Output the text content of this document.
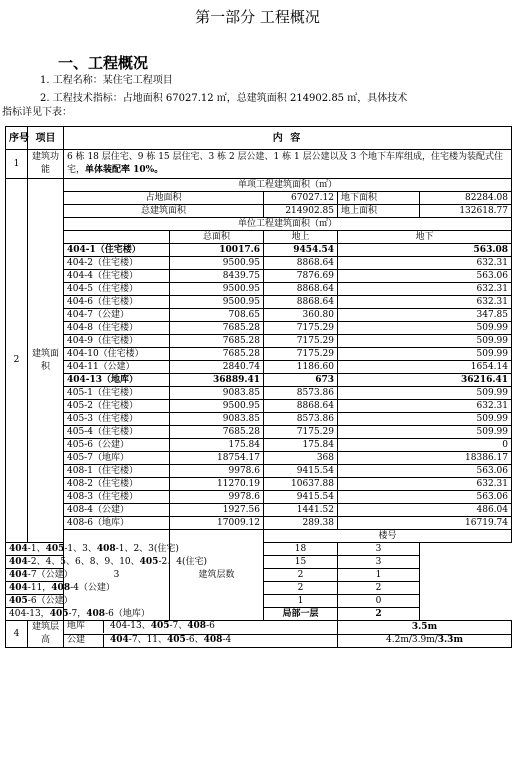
第一部分 工程概况
一、工程概况
1. 工程名称：某住宅工程项目
2. 工程技术指标：占地面积 67027.12 ㎡，总建筑面积 214902.85 ㎡，具体技术
指标详见下表：
序号	项目	内 容					
1	建筑功能	6 栋 18 层住宅、9 栋 15 层住宅、3 栋 2 层公建、1 栋 1 层公建以及 3 个地下车库组成，住宅楼为装配式住宅，单体装配率 10%。					
2	建筑面积	单项工程建筑面积（㎡）					
		占地面积		67027.12	地下面积	82284.08	
		总建筑面积		214902.85	地上面积	132618.77	
		单位工程建筑面积（㎡）					
			总面积	地上	地下		
		404-1（住宅楼）	10017.6	9454.54	563.08		
		404-2（住宅楼）	9500.95	8868.64	632.31		
		404-4（住宅楼）	8439.75	7876.69	563.06		
		404-5（住宅楼）	9500.95	8868.64	632.31		
		404-6（住宅楼）	9500.95	8868.64	632.31		
		404-7（公建）	708.65	360.80	347.85		
		404-8（住宅楼）	7685.28	7175.29	509.99		
		404-9（住宅楼）	7685.28	7175.29	509.99		
		404-10（住宅楼）	7685.28	7175.29	509.99		
		404-11（公建）	2840.74	1186.60	1654.14		
		404-13（地库）	36889.41	673	36216.41		
		405-1（住宅楼）	9083.85	8573.86	509.99		
		405-2（住宅楼）	9500.95	8868.64	632.31		
		405-3（住宅楼）	9083.85	8573.86	509.99		
		405-4（住宅楼）	7685.28	7175.29	509.99		
		405-6（公建）	175.84	175.84	0		
		405-7（地库）	18754.17	368	18386.17		
		408-1（住宅楼）	9978.6	9415.54	563.06		
		408-2（住宅楼）	11270.19	10637.88	632.31		
		408-3（住宅楼）	9978.6	9415.54	563.06		
		408-4（公建）	1927.56	1441.52	486.04		
		408-6（地库）	17009.12	289.38	16719.74		
		3	建筑层数	楼号		
404-1、405-1、3、408-1、2、3(住宅)				18	3		
404-2、4、5、6、8、9、10、405-2、4(住宅)				15	3		
404-7（公建）				2	1		
404-11，408-4（公建）				2	2		
405-6（公建）				1	0		
404-13，405-7，408-6（地库）				局部一层	2		
4	建筑层高	地库 404-13、405-7、408-6			3.5m		

		公建 404-7、11、405-6、408-4			4.2m/3.9m/3.3m		
